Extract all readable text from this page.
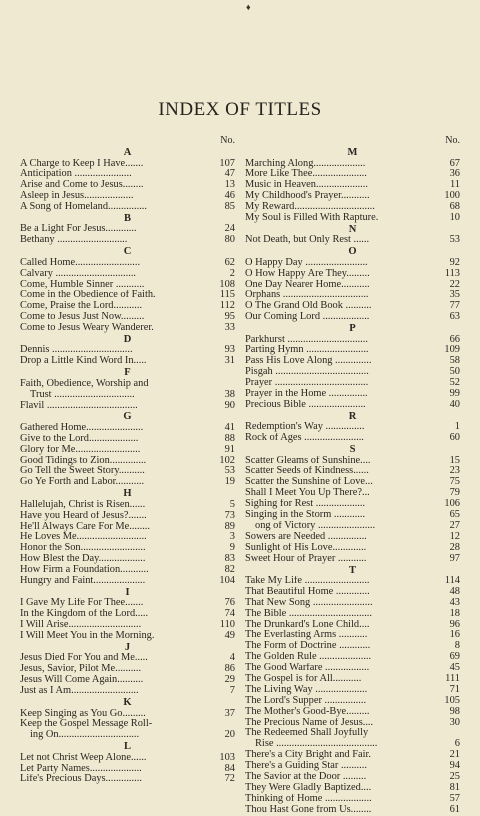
♦
INDEX OF TITLES
No.
A
A Charge to Keep I Have.......	107
Anticipation ......................	47
Arise and Come to Jesus........	13
Asleep in Jesus...................	46
A Song of Homeland...............	85
B
Be a Light For Jesus............	24
Bethany ...........................	80
C
Called Home.........................	62
Calvary ...............................	2
Come, Humble Sinner ...........	108
Come in the Obedience of Faith.	115
Come, Praise the Lord...........	112
Come to Jesus Just Now.........	95
Come to Jesus Weary Wanderer.	33
D
Dennis ...............................	93
Drop a Little Kind Word In.....	31
F
Faith, Obedience, Worship and
Trust ...............................	38
Flavil ...................................	90
G
Gathered Home......................	41
Give to the Lord...................	88
Glory for Me.........................	91
Good Tidings to Zion..............	102
Go Tell the Sweet Story..........	53
Go Ye Forth and Labor...........	19
H
Hallelujah, Christ is Risen......	5
Have you Heard of Jesus?.......	73
He'll Always Care For Me........	89
He Loves Me...........................	3
Honor the Son.........................	9
How Blest the Day..................	83
How Firm a Foundation...........	82
Hungry and Faint....................	104
I
I Gave My Life For Thee.......	76
In the Kingdom of the Lord.....	74
I Will Arise............................	110
I Will Meet You in the Morning.	49
J
Jesus Died For You and Me.....	4
Jesus, Savior, Pilot Me..........	86
Jesus Will Come Again..........	29
Just as I Am..........................	7
K
Keep Singing as You Go.........	37
Keep the Gospel Message Roll-
ing On...............................	20
L
Let not Christ Weep Alone......	103
Let Party Names....................	84
Life's Precious Days..............	72
No.
M
Marching Along....................	67
More Like Thee.....................	36
Music in Heaven....................	11
My Childhood's Prayer...........	100
My Reward...............................	68
My Soul is Filled With Rapture.	10
N
Not Death, but Only Rest ......	53
O
O Happy Day ........................	92
O How Happy Are They.........	113
One Day Nearer Home...........	22
Orphans .................................	35
O The Grand Old Book ..........	77
Our Coming Lord ..................	63
P
Parkhurst ...............................	66
Parting Hymn ........................	109
Pass His Love Along ..............	58
Pisgah ....................................	50
Prayer ....................................	52
Prayer in the Home ...............	99
Precious Bible ......................	40
R
Redemption's Way ...............	1
Rock of Ages .......................	60
S
Scatter Gleams of Sunshine....	15
Scatter Seeds of Kindness......	23
Scatter the Sunshine of Love...	75
Shall I Meet You Up There?...	79
Sighing for Rest ...................	106
Singing in the Storm ............	65
ong of Victory ......................	27
Sowers are Needed ...............	12
Sunlight of His Love.............	28
Sweet Hour of Prayer ...........	97
T
Take My Life .........................	114
That Beautiful Home .............	48
That New Song .......................	43
The Bible ................................	18
The Drunkard's Lone Child....	96
The Everlasting Arms ...........	16
The Form of Doctrine ............	8
The Golden Rule ....................	69
The Good Warfare .................	45
The Gospel is for All...........	111
The Living Way ....................	71
The Lord's Supper ................	105
The Mother's Good-Bye.........	98
The Precious Name of Jesus....	30
The Redeemed Shall Joyfully
Rise .......................................	6
There's a City Bright and Fair.	21
There's a Guiding Star ..........	94
The Savior at the Door .........	25
They Were Gladly Baptized....	81
Thinking of Home ..................	57
Thou Hast Gone from Us........	61
